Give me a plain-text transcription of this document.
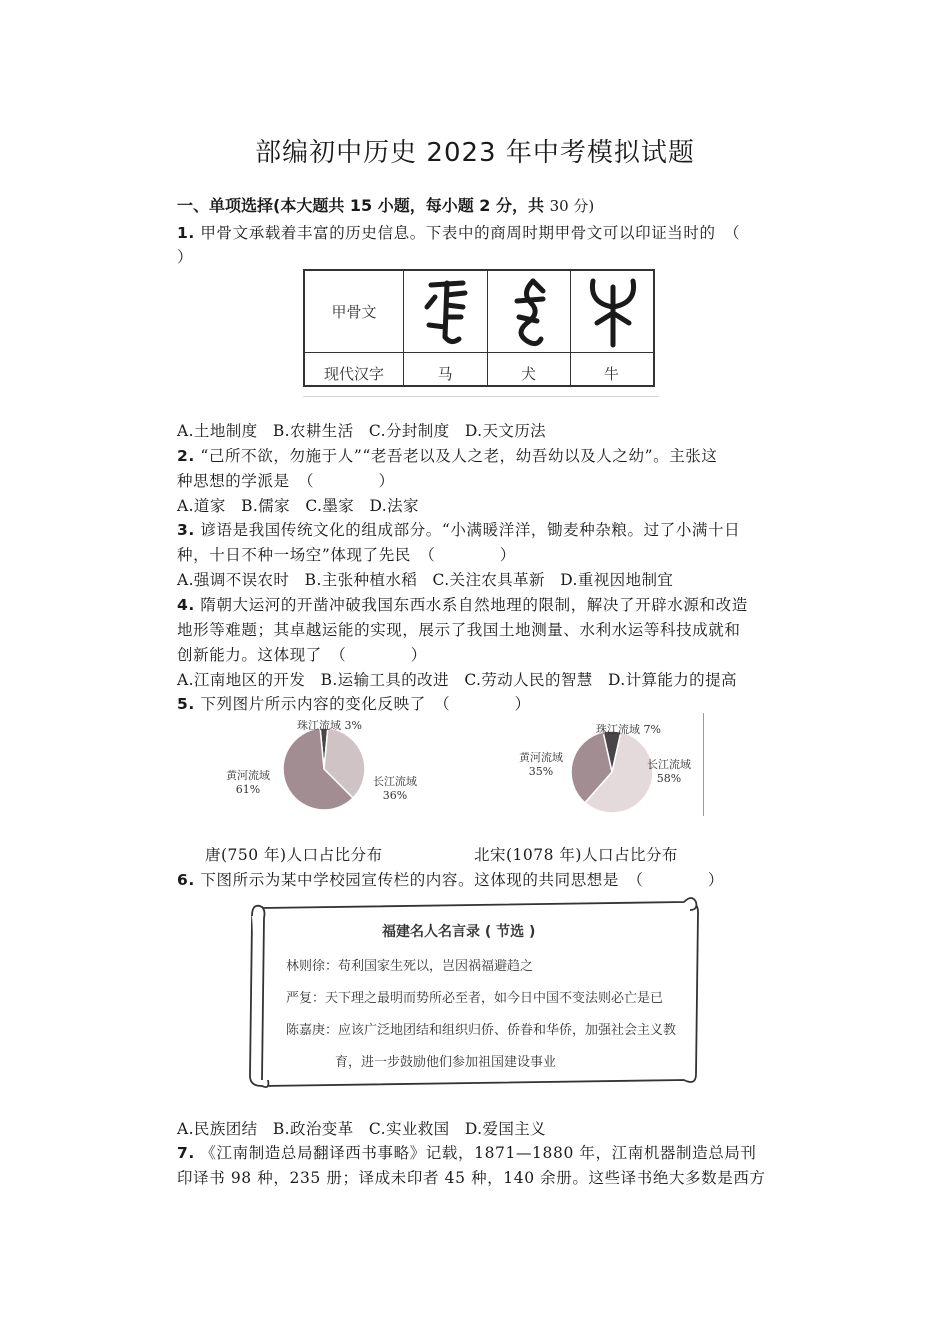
部编初中历史 2023 年中考模拟试题
一、单项选择(本大题共 15 小题，每小题 2 分，共 30 分)
1. 甲骨文承载着丰富的历史信息。下表中的商周时期甲骨文可以印证当时的　（
）
甲骨文
现代汉字	马	犬	牛
A.土地制度 B.农耕生活 C.分封制度 D.天文历法
2. “己所不欲，勿施于人”“老吾老以及人之老，幼吾幼以及人之幼”。主张这
种思想的学派是　（　　　　）
A.道家 B.儒家 C.墨家 D.法家
3. 谚语是我国传统文化的组成部分。“小满暖洋洋，锄麦种杂粮。过了小满十日
种，十日不种一场空”体现了先民　（　　　　）
A.强调不误农时 B.主张种植水稻 C.关注农具革新 D.重视因地制宜
4. 隋朝大运河的开凿冲破我国东西水系自然地理的限制，解决了开辟水源和改造
地形等难题；其卓越运能的实现，展示了我国土地测量、水利水运等科技成就和
创新能力。这体现了　（　　　　）
A.江南地区的开发 B.运输工具的改进 C.劳动人民的智慧 D.计算能力的提高
5. 下列图片所示内容的变化反映了　（　　　　）
珠江流域 3%
黄河流域
61%
长江流域
36%
珠江流域 7%
黄河流域
35%
长江流域
58%
唐(750 年)人口占比分布	北宋(1078 年)人口占比分布
6. 下图所示为某中学校园宣传栏的内容。这体现的共同思想是　（　　　　）
福建名人名言录 ( 节选 )
林则徐：苟利国家生死以，岂因祸福避趋之
严复：天下理之最明而势所必至者，如今日中国不变法则必亡是已
陈嘉庚：应该广泛地团结和组织归侨、侨眷和华侨，加强社会主义教
育，进一步鼓励他们参加祖国建设事业
A.民族团结 B.政治变革 C.实业救国 D.爱国主义
7. 《江南制造总局翻译西书事略》记载，1871—1880 年，江南机器制造总局刊
印译书 98 种，235 册；译成未印者 45 种，140 余册。这些译书绝大多数是西方
